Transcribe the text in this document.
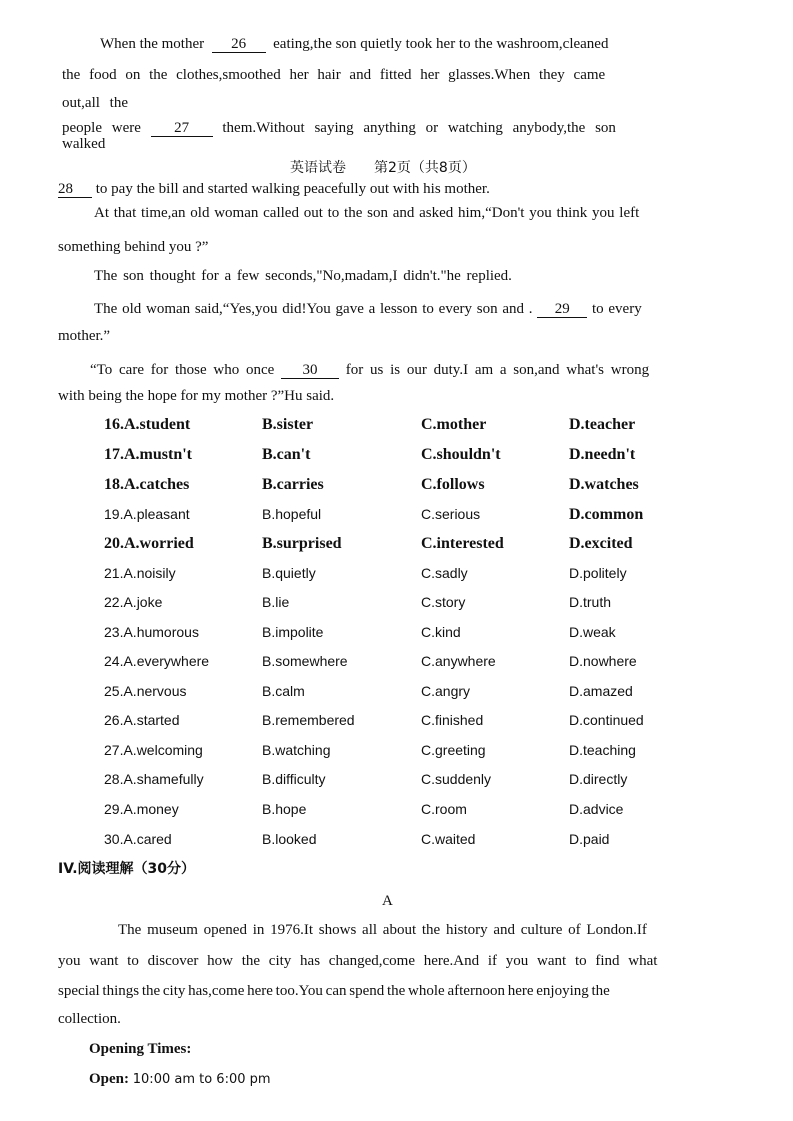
When the mother 26 eating,the son quietly took her to the washroom,cleaned
the food on the clothes,smoothed her hair and fitted her glasses.When they came
out,all the
people were 27 them.Without saying anything or watching anybody,the son
walked
英语试卷　　第2页（共8页）
28 to pay the bill and started walking peacefully out with his mother.
At that time,an old woman called out to the son and asked him,“Don't you think you left
something behind you ?”
The son thought for a few seconds,"No,madam,I didn't."he replied.
The old woman said,“Yes,you did!You gave a lesson to every son and . 29 to every
mother.”
“To care for those who once 30 for us is our duty.I am a son,and what's wrong
with being the hope for my mother ?”Hu said.
16.A.student	B.sister	C.mother	D.teacher
17.A.mustn't	B.can't	C.shouldn't	D.needn't
18.A.catches	B.carries	C.follows	D.watches
19.A.pleasant	B.hopeful	C.serious	D.common
20.A.worried	B.surprised	C.interested	D.excited
21.A.noisily	B.quietly	C.sadly	D.politely
22.A.joke	B.lie	C.story	D.truth
23.A.humorous	B.impolite	C.kind	D.weak
24.A.everywhere	B.somewhere	C.anywhere	D.nowhere
25.A.nervous	B.calm	C.angry	D.amazed
26.A.started	B.remembered	C.finished	D.continued
27.A.welcoming	B.watching	C.greeting	D.teaching
28.A.shamefully	B.difficulty	C.suddenly	D.directly
29.A.money	B.hope	C.room	D.advice
30.A.cared	B.looked	C.waited	D.paid
IV.阅读理解（30分）
A
The museum opened in 1976.It shows all about the history and culture of London.If
you want to discover how the city has changed,come here.And if you want to find what
special things the city has,come here too.You can spend the whole afternoon here enjoying the
collection.
Opening Times:
Open: 10:00 am to 6:00 pm
